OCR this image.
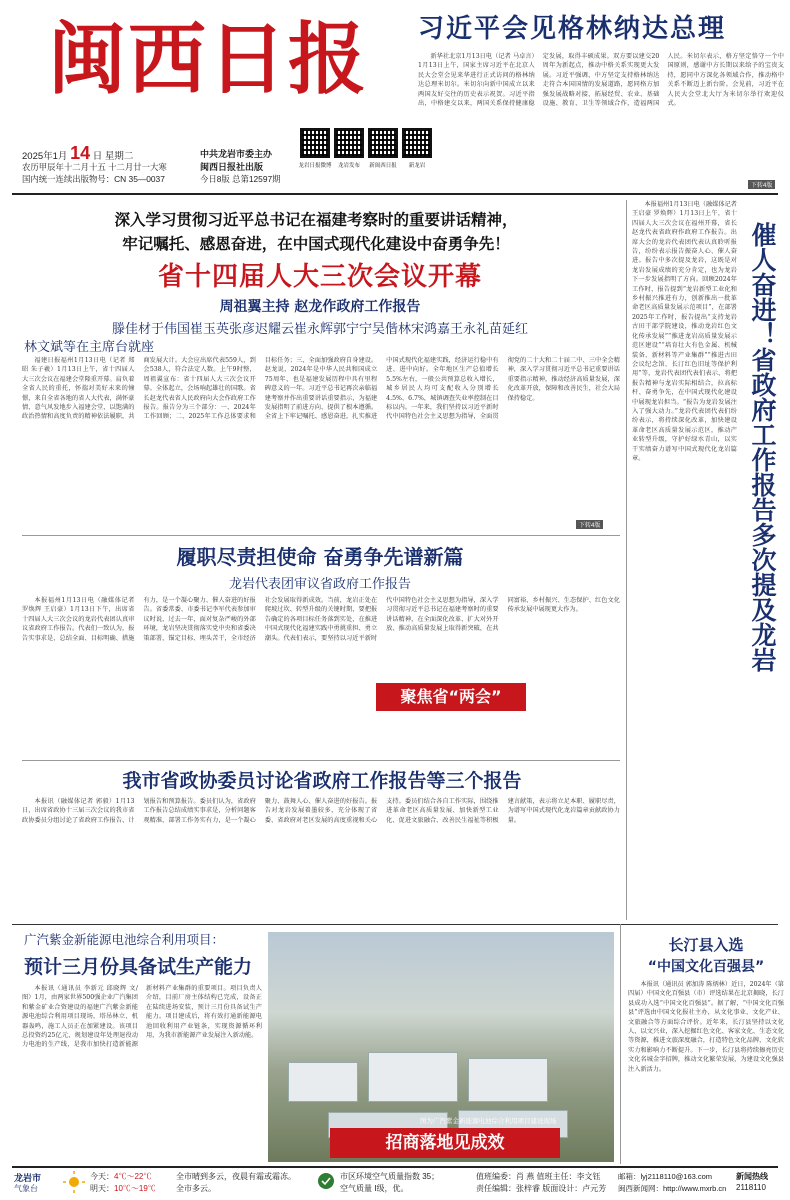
闽西日报
2025年1月 14 日 星期二
农历甲辰年十二月十五 十二月廿一大寒
国内统一连续出版物号：CN 35—0037
中共龙岩市委主办
闽西日报社出版
今日8版 总第12597期
龙岩日报微博	龙岩发布	新闽西日报	新龙岩
习近平会见格林纳达总理

新华社北京1月13日电（记者 马卓言）1月13日上午，国家主席习近平在北京人民大会堂会见来华进行正式访问的格林纳达总理米切尔。米切尔向新中国成立以来两国友好交往的历史表示祝贺。习近平指出，中格建交以来，两国关系保持健康稳定发展，取得丰硕成果。双方要以建交20周年为新起点，推动中格关系实现更大发展。习近平强调，中方坚定支持格林纳达走符合本国国情的发展道路，愿同格方加强发展战略对接，拓展经贸、农业、基础设施、教育、卫生等领域合作，造福两国人民。米切尔表示，格方坚定恪守一个中国原则，感谢中方长期以来给予的宝贵支持，愿同中方深化各领域合作，推动格中关系不断迈上新台阶。会见前，习近平在人民大会堂北大厅为米切尔举行欢迎仪式。

下转4版
深入学习贯彻习近平总书记在福建考察时的重要讲话精神，
牢记嘱托、感恩奋进，在中国式现代化建设中奋勇争先！
省十四届人大三次会议开幕
周祖翼主持 赵龙作政府工作报告
滕佳材于伟国崔玉英张彦迟耀云崔永辉郭宁宁吴偕林宋鸿嘉王永礼苗延红
林文斌等在主席台就座

福建日报福州1月13日电（记者 郑昭 朱子羲）1月13日上午，省十四届人大三次会议在福建会堂隆重开幕。肩负着全省人民的重托，怀揣对美好未来的憧憬，来自全省各地的省人大代表，满怀豪情、意气风发地步入福建会堂，以饱满的政治热情和高度负责的精神依法履职，共商发展大计。大会应出席代表559人，到会538人，符合法定人数。上午9时整，周祖翼宣布：省十四届人大三次会议开幕。全体起立，会场响起雄壮的国歌。省长赵龙代表省人民政府向大会作政府工作报告。报告分为三个部分：一、2024年工作回顾；二、2025年工作总体要求和目标任务；三、全面加强政府自身建设。赵龙说，2024年是中华人民共和国成立75周年，也是福建发展历程中具有里程碑意义的一年。习近平总书记再次亲临福建考察并作出重要讲话重要指示，为福建发展指明了前进方向、提供了根本遵循。全省上下牢记嘱托、感恩奋进，扎实推进中国式现代化福建实践，经济运行稳中有进、进中向好。全年地区生产总值增长5.5%左右，一般公共预算总收入增长，城乡居民人均可支配收入分别增长4.5%、6.7%，城镇调查失业率控制在目标以内。一年来，我们坚持以习近平新时代中国特色社会主义思想为指导，全面贯彻党的二十大和二十届二中、三中全会精神，深入学习贯彻习近平总书记重要讲话重要指示精神，推动经济高质量发展，深化改革开放，保障和改善民生，社会大局保持稳定。

下转4版

本报福州1月13日电（融媒体记者 王启豪 罗焕辉）1月13日上午，省十四届人大三次会议在福州开幕，省长赵龙代表省政府作政府工作报告。出席大会的龙岩代表团代表认真聆听报告，纷纷表示报告振奋人心、催人奋进。报告中多次提及龙岩，这既是对龙岩发展成绩的充分肯定，也为龙岩下一步发展指明了方向。回顾2024年工作时，报告提到“龙岩新型工业化和乡村振兴推进有力，创新推出一批革命老区高质量发展示范项目”，在部署2025年工作时，报告提出“支持龙岩古田干部学院建设，推动龙岩红色文化传承发展”“推进龙岩高质量发展示范区建设”“培育壮大有色金属、机械装备、新材料等产业集群”“推进古田会议纪念馆、长汀红色旧址等保护利用”等，龙岩代表团代表们表示，将把报告精神与龙岩实际相结合，拉高标杆、奋勇争先，在中国式现代化建设中展现龙岩担当。“报告为龙岩发展注入了强大动力。”龙岩代表团代表们纷纷表示，将持续深化改革，加快建设革命老区高质量发展示范区，推动产业转型升级，守护好绿水青山，以实干实绩奋力谱写中国式现代化龙岩篇章。

催人奋进！省政府工作报告多次提及龙岩
履职尽责担使命 奋勇争先谱新篇
龙岩代表团审议省政府工作报告

本报福州1月13日电（融媒体记者 罗焕辉 王启豪）1月13日下午，出席省十四届人大三次会议的龙岩代表团认真审议省政府工作报告。代表们一致认为，报告实事求是、总结全面、目标明确、措施有力，是一个凝心聚力、催人奋进的好报告。省委常委、市委书记李军代表参加审议时说，过去一年，面对复杂严峻的外部环境，龙岩坚决贯彻落实党中央和省委决策部署，锚定目标、埋头苦干，全市经济社会发展取得新成效。当前，龙岩正处在爬坡过坎、转型升级的关键时期，要把报告确定的各项目标任务落到实处，在推进中国式现代化福建实践中勇挑重担、勇立潮头。代表们表示，要坚持以习近平新时代中国特色社会主义思想为指导，深入学习贯彻习近平总书记在福建考察时的重要讲话精神，在全面深化改革、扩大对外开放、推动高质量发展上取得新突破，在共同富裕、乡村振兴、生态保护、红色文化传承发展中展现更大作为。

聚焦省“两会”
我市省政协委员讨论省政府工作报告等三个报告

本报讯（融媒体记者 郭毅）1月13日，出席省政协十三届三次会议的我市省政协委员分组讨论了省政府工作报告、计划报告和预算报告。委员们认为，省政府工作报告总结成绩实事求是，分析问题客观精准，部署工作务实有力，是一个凝心聚力、鼓舞人心、催人奋进的好报告。报告对龙岩发展着墨较多，充分体现了省委、省政府对老区发展的高度重视和关心支持。委员们结合各自工作实际，围绕推进革命老区高质量发展、加快新型工业化、促进文旅融合、改善民生福祉等积极建言献策，表示将立足本职、履职尽责，为谱写中国式现代化龙岩篇章贡献政协力量。

广汽紫金新能源电池综合利用项目：
预计三月份具备试生产能力

本报讯（通讯员 李新元 邱晓辉 文/图）1月，由两家世界500强企业广汽集团和紫金矿业合资建设的福建广汽紫金新能源电池综合利用项目现场，塔吊林立、机器轰鸣，施工人员正在加紧建设。该项目总投资约25亿元，规划建设年处理退役动力电池的生产线，是我市加快打造新能源新材料产业集群的重要项目。项目负责人介绍，目前厂房主体结构已完成，设备正在陆续进场安装，预计三月份具备试生产能力。项目建成后，将有效打通新能源电池回收利用产业链条，实现资源循环利用，为我市新能源产业发展注入新动能。

图为广汽紫金新能源电池综合利用项目建设现场
招商落地见成效
长汀县入选
“中国文化百强县”

本报讯（通讯员 郭加涛 陈炳林）近日，2024年（第四届）中国文化百强县（市）评选结果在北京揭晓，长汀县成功入选“中国文化百强县”。据了解，“中国文化百强县”评选由中国文化报社主办，从文化事业、文化产业、文旅融合等方面综合评价。近年来，长汀县坚持以文化人、以文兴业，深入挖掘红色文化、客家文化、生态文化等资源，推进文旅深度融合，打造特色文化品牌，文化软实力和影响力不断提升。下一步，长汀县将持续擦亮历史文化名城金字招牌，推动文化繁荣发展，为建设文化强县注入新活力。

龙岩市
气象台
今天：4℃～22℃
明天：10℃～19℃
全市晴到多云，夜晨有霜或霜冻。
全市多云。
市区环境空气质量指数 35；
空气质量 I级，优。
值班编委：肖 燕 值班主任：李文钰
责任编辑：张梓睿 版面设计：卢元芳
邮箱：lyj2118110@163.com
闽西新闻网：http://www.mxrb.cn
新闻热线
2118110
